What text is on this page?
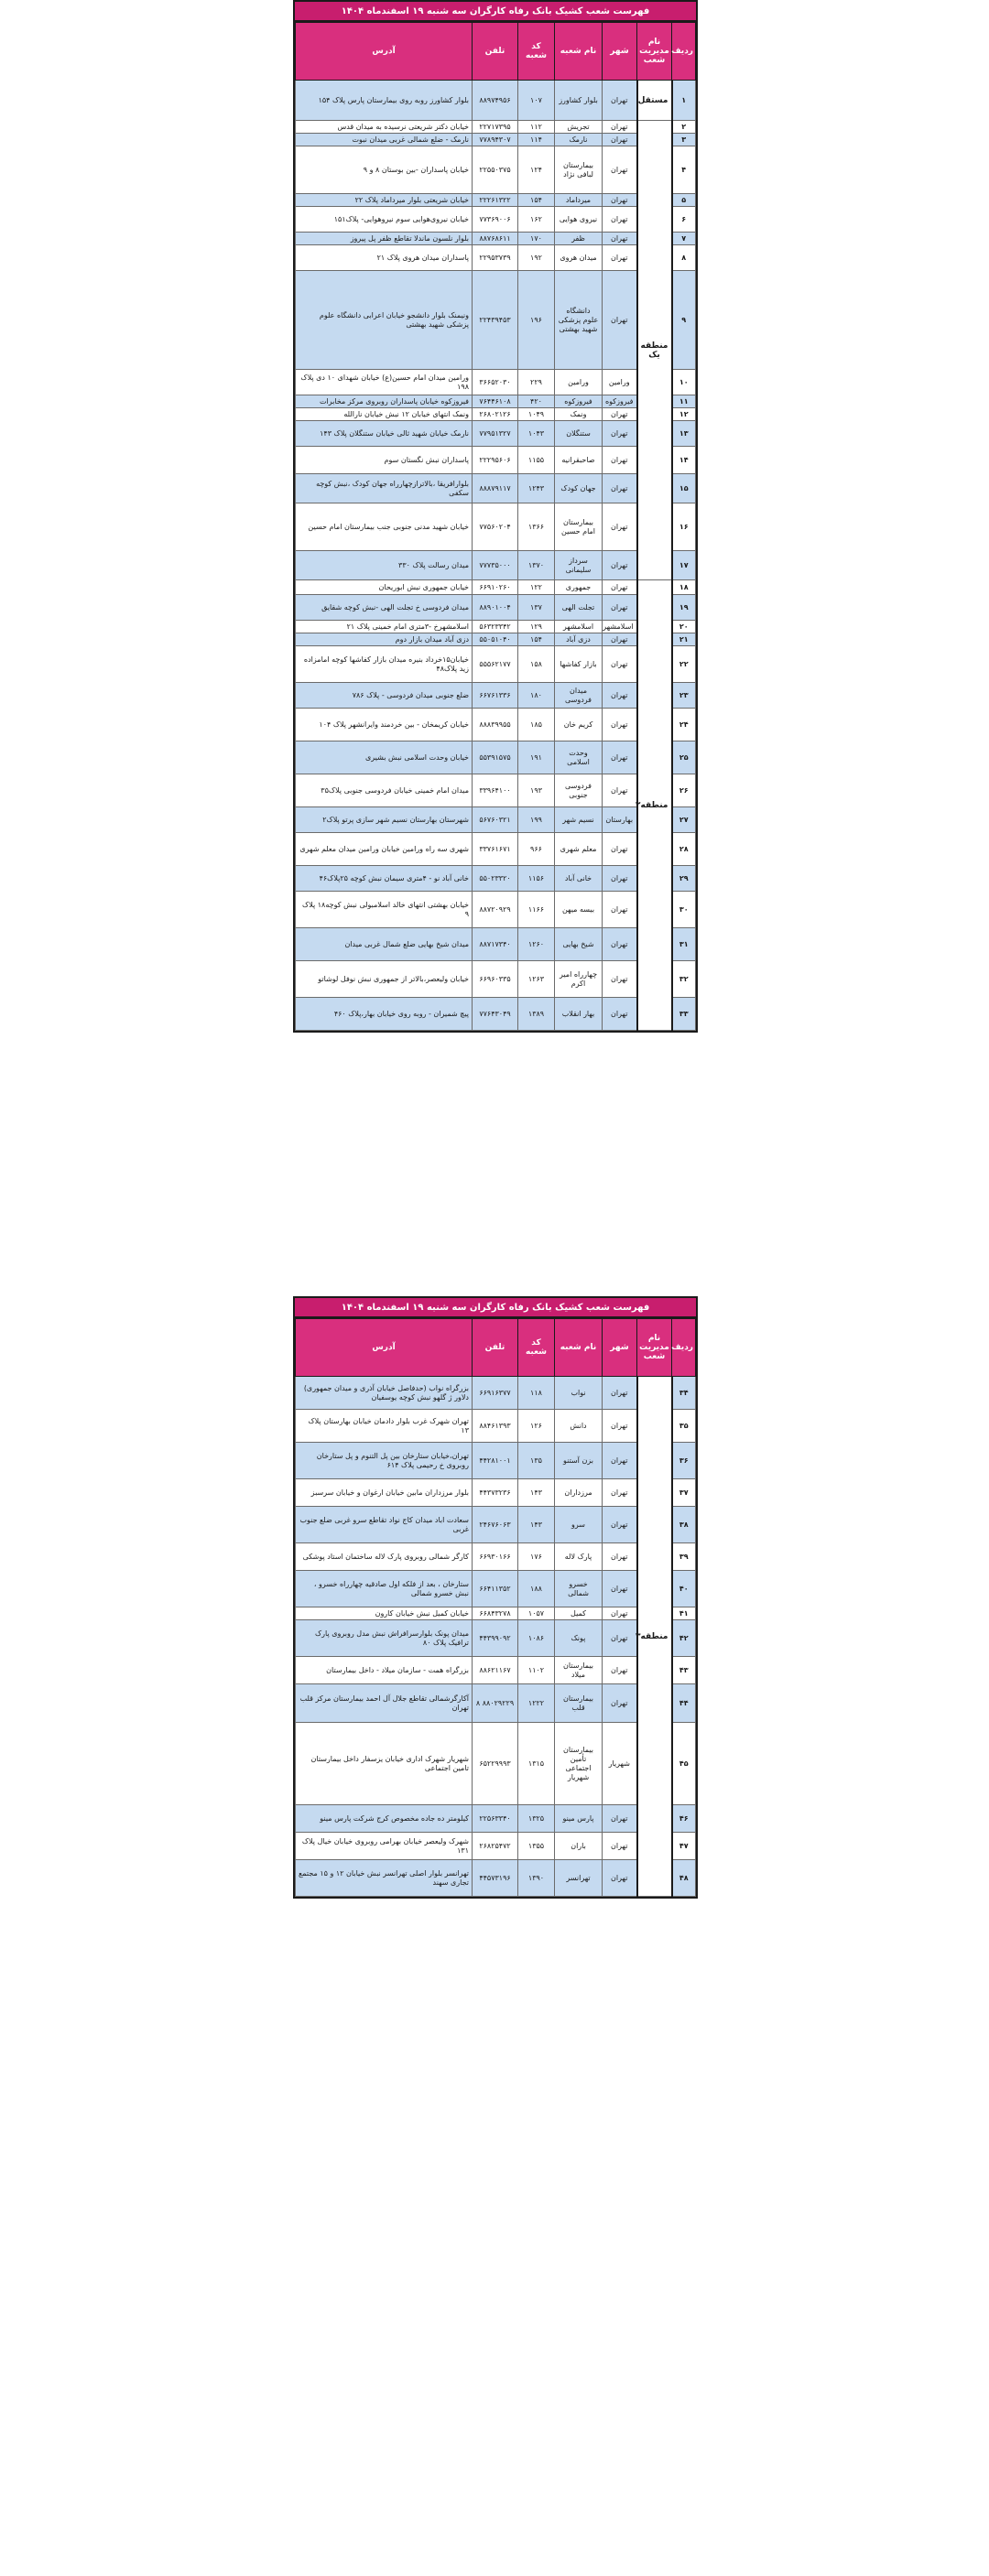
فهرست شعب کشیک بانک رفاه کارگران سه شنبه ۱۹ اسفندماه ۱۴۰۴
ردیف	نام مدیریت شعب	شهر	نام شعبه	کد شعبه	تلفن	آدرس
۱	مستقل	تهران	بلوار کشاورز	۱۰۷	۸۸۹۷۴۹۵۶	بلوار کشاورز روبه روی بیمارستان پارس پلاک ۱۵۴
۲	منطقه یک	تهران	تجریش	۱۱۲	۲۲۷۱۷۳۹۵	خیابان دکتر شریعتی نرسیده به میدان قدس
۳		تهران	نارمک	۱۱۴	۷۷۸۹۴۳۰۷	نارمک - ضلع شمالی غربی میدان نبوت
۴		تهران	بیمارستان لبافی نژاد	۱۲۴	۲۲۵۵۰۳۷۵	خیابان پاسداران -بین بوستان ۸ و ۹
۵		تهران	میرداماد	۱۵۴	۲۲۲۶۱۳۲۲	خیابان شریعتی بلوار میرداماد پلاک ۲۲
۶		تهران	نیروی هوایی	۱۶۲	۷۷۳۶۹۰۰۶	خیابان نیروی‌هوایی‌ ‌سوم ‌نیروهوایی- ‌پلاک۱۵۱
۷		تهران	ظفر	۱۷۰	۸۸۷۶۸۶۱۱	بلوار نلسون ماندلا تقاطع ظفر پل پیروز
۸		تهران	میدان هروی	۱۹۲	۲۲۹۵۳۷۳۹	پاسداران میدان هروی پلاک ۲۱
۹		تهران	دانشگاه علوم پزشکی شهید بهشتی	۱۹۶	۲۲۴۳۹۴۵۳	ونیمنک بلوار دانشجو خیابان اعرابی دانشگاه علوم پزشکی شهید بهشتی
۱۰		ورامین	ورامین	۲۲۹	۳۶۶۵۲۰۳۰	ورامین میدان امام حسین(ع) خیابان شهدای ۱۰ دی پلاک ۱۹۸
۱۱		فیروزکوه	فیروزکوه	۴۲۰	۷۶۴۴۶۱۰۸	فیروزکوه خیابان پاسداران روبروی مرکز مخابرات
۱۲		تهران	ونمک	۱۰۴۹	۲۶۸۰۲۱۲۶	ونمک انتهای خیابان ۱۲ نبش خیابان نارالله
۱۳		تهران	ستنگلان	۱۰۴۳	۷۷۹۵۱۳۲۷	نارمک خیابان شهید ثالی خیابان ستنگلان پلاک ۱۴۳
۱۴		تهران	صاحبقرانیه	۱۱۵۵	۲۲۲۹۵۶۰۶	پاسداران نبش نگستان سوم
۱۵		تهران	جهان کودک	۱۲۴۳	۸۸۸۷۹۱۱۷	بلوارافریقا ،بالاترازچهارراه جهان کودک ،نبش کوچه سکفی
۱۶		تهران	بیمارستان امام حسین	۱۳۶۶	۷۷۵۶۰۲۰۴	خیابان شهید مدنی جنوبی جنب بیمارستان امام حسین
۱۷		تهران	سرداز سلیمانی	۱۳۷۰	۷۷۷۳۵۰۰۰	میدان رسالت پلاک ۳۳۰
۱۸	منطقه۲	تهران	جمهوری	۱۲۲	۶۶۹۱۰۲۶۰	خیابان جمهوری نبش ابوریحان
۱۹		تهران	تجلت الهی	۱۳۷	۸۸۹۰۱۰۰۴	میدان فردوسی خ تجلت الهی -نبش کوچه شقایق
۲۰		اسلامشهر	اسلامشهر	۱۲۹	۵۶۳۲۳۳۴۲	اسلامشهرخ -۳متری امام خمینی پلاک ۲۱
۲۱		تهران	دزی آباد	۱۵۴	۵۵۰۵۱۰۴۰	دزی آباد میدان بازار دوم
۲۲		تهران	بازار کفاشها	۱۵۸	۵۵۵۶۲۱۷۷	خیابان۱۵خرداد بنیره میدان بازار کفاشها کوچه امامزاده زید پلاک۴۸
۲۳		تهران	میدان فردوسی	۱۸۰	۶۶۷۶۱۳۳۶	ضلع جنوبی میدان فردوسی - پلاک ۷۸۶
۲۴		تهران	کریم خان	۱۸۵	۸۸۸۳۹۹۵۵	خیابان کریمخان - بین خردمند وایرانشهر پلاک ۱۰۴
۲۵		تهران	وحدت اسلامی	۱۹۱	۵۵۳۹۱۵۷۵	خیابان وحدت اسلامی نبش بشیری
۲۶		تهران	فردوسی جنوبی	۱۹۳	۳۳۹۶۴۱۰۰	میدان امام خمینی خیابان فردوسی جنوبی پلاک۳۵
۲۷		بهارستان	نسیم شهر	۱۹۹	۵۶۷۶۰۳۲۱	شهرستان بهارستان نسیم شهر سازی پرتو پلاک۲
۲۸		تهران	معلم شهری	۹۶۶	۳۳۷۶۱۶۷۱	شهری سه راه ورامین خیابان ورامین میدان معلم شهری
۲۹		تهران	خانی آباد	۱۱۵۶	۵۵۰۲۳۳۲۰	خانی آباد نو - ۴متری سیمان نبش کوچه ۲۵پلاک۴۶
۳۰		تهران	بیسه میهن	۱۱۶۶	۸۸۷۲۰۹۲۹	خیابان بهشتی انتهای خالد اسلامبولی نبش کوچه۱۸ پلاک ۹
۳۱		تهران	شیخ بهایی	۱۲۶۰	۸۸۷۱۷۳۴۰	میدان شیخ بهایی ضلع شمال غربی میدان
۳۲		تهران	چهارراه امیر اکرم	۱۲۶۳	۶۶۹۶۰۳۳۵	خیابان ولیعصر،بالاتر از جمهوری نبش نوفل لوشاتو
۳۳		تهران	بهار انقلاب	۱۳۸۹	۷۷۶۴۳۰۴۹	پیچ شمیران - روبه روی خیابان بهار،پلاک ۴۶۰
فهرست شعب کشیک بانک رفاه کارگران سه شنبه ۱۹ اسفندماه ۱۴۰۴
ردیف	نام مدیریت شعب	شهر	نام شعبه	کد شعبه	تلفن	آدرس
۳۴	منطقه۳	تهران	نواب	۱۱۸	۶۶۹۱۶۳۷۷	بزرگراه نواب (حدفاصل خیابان آذری و میدان جمهوری) دلاور ژ گلهو نبش کوچه یوسفیان
۳۵		تهران	دانش	۱۲۶	۸۸۴۶۱۳۹۳	تهران شهرک غرب بلوار دادمان خیابان بهارستان پلاک ۱۳
۳۶		تهران	بزن آستنو	۱۳۵	۴۴۲۸۱۰۰۱	تهران،خیابان ستارخان بین پل التنوم و پل ستارخان روبروی خ رحیمی پلاک ۶۱۴
۳۷		تهران	مرزداران	۱۴۳	۴۴۳۷۳۲۳۶	بلوار مرزداران مابین خیابان ارغوان و خیابان سرسبز
۳۸		تهران	سرو	۱۴۳	۲۴۶۷۶۰۶۳	سعادت اباد میدان کاج نواد تقاطع سرو غربی ضلع جنوب غربی
۳۹		تهران	پارک لاله	۱۷۶	۶۶۹۳۰۱۶۶	کارگر شمالی روبروی پارک لاله ساختمان استاد پوشکی
۴۰		تهران	خسرو شمالی	۱۸۸	۶۶۴۱۱۳۵۲	ستارخان ، بعد از فلکه اول صادقیه چهارراه خسرو ، نبش خسرو شمالی
۴۱		تهران	کمیل	۱۰۵۷	۶۶۸۴۳۲۷۸	خیابان کمیل نبش خیابان کارون
۴۲		تهران	پونک	۱۰۸۶	۴۴۳۹۹۰۹۲	میدان پونک بلوارسرافراش نبش مدل روبروی پارک ترافیک پلاک ۸۰
۴۳		تهران	بیمارستان میلاد	۱۱۰۲	۸۸۶۲۱۱۶۷	بزرگراه همت - سازمان میلاد - داخل بیمارستان
۴۴		تهران	بیمارستان قلب	۱۲۲۲	۸۸۰۲۹۲۲۹ ۸	آکارگرشمالی تقاطع جلال آل احمد بیمارستان مرکز قلب تهران
۴۵		شهریار	بیمارستان تأمین اجتماعی شهریار	۱۳۱۵	۶۵۲۲۹۹۹۳	شهریار شهرک اداری خیابان یزسفار داخل بیمارستان تامین اجتماعی
۴۶		تهران	پارس مینو	۱۳۲۵	۲۲۵۶۳۳۴۰	کیلومتر ده جاده مخصوص کرج شرکت پارس مینو
۴۷		تهران	باران	۱۳۵۵	۲۶۸۲۵۴۷۲	شهرک ولیعصر خیابان بهرامی روبروی خیابان خیال پلاک ۱۳۱
۴۸		تهران	تهرانسر	۱۳۹۰	۴۴۵۷۳۱۹۶	تهرانسر بلوار اصلی تهرانسر نبش خیابان ۱۲ و ۱۵ مجتمع تجاری سهند
